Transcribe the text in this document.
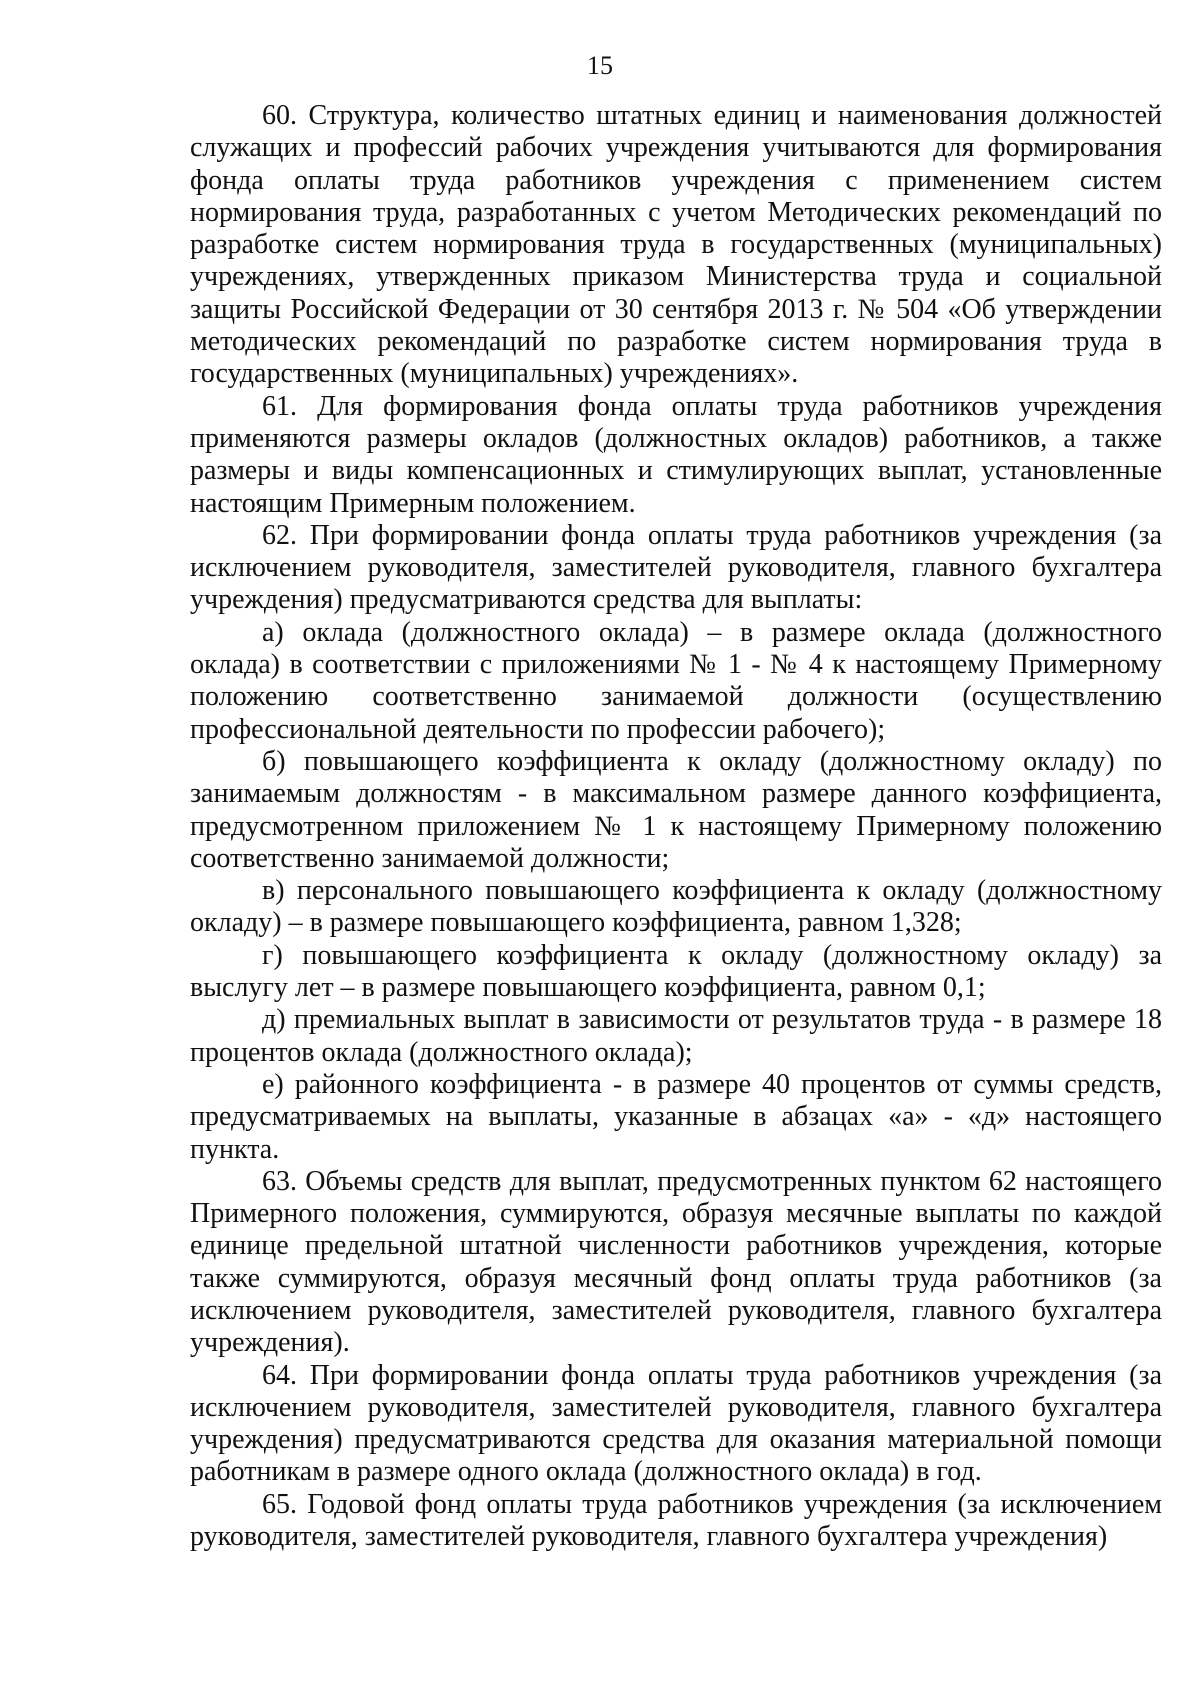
15

60. Структура, количество штатных единиц и наименования должностей служащих и профессий рабочих учреждения учитываются для формирования фонда оплаты труда работников учреждения с применением систем нормирования труда, разработанных с учетом Методических рекомендаций по разработке систем нормирования труда в государственных (муниципальных) учреждениях, утвержденных приказом Министерства труда и социальной защиты Российской Федерации от 30 сентября 2013 г. № 504 «Об утверждении методических рекомендаций по разработке систем нормирования труда в государственных (муниципальных) учреждениях».

61. Для формирования фонда оплаты труда работников учреждения применяются размеры окладов (должностных окладов) работников, а также размеры и виды компенсационных и стимулирующих выплат, установленные настоящим Примерным положением.

62. При формировании фонда оплаты труда работников учреждения (за исключением руководителя, заместителей руководителя, главного бухгалтера учреждения) предусматриваются средства для выплаты:

а) оклада (должностного оклада) – в размере оклада (должностного оклада) в соответствии с приложениями № 1 - № 4 к настоящему Примерному положению соответственно занимаемой должности (осуществлению профессиональной деятельности по профессии рабочего);

б) повышающего коэффициента к окладу (должностному окладу) по занимаемым должностям - в максимальном размере данного коэффициента, предусмотренном приложением № 1 к настоящему Примерному положению соответственно занимаемой должности;

в) персонального повышающего коэффициента к окладу (должностному окладу) – в размере повышающего коэффициента, равном 1,328;

г) повышающего коэффициента к окладу (должностному окладу) за выслугу лет – в размере повышающего коэффициента, равном 0,1;

д) премиальных выплат в зависимости от результатов труда - в размере 18 процентов оклада (должностного оклада);

е) районного коэффициента - в размере 40 процентов от суммы средств, предусматриваемых на выплаты, указанные в абзацах «а» - «д» настоящего пункта.

63. Объемы средств для выплат, предусмотренных пунктом 62 настоящего Примерного положения, суммируются, образуя месячные выплаты по каждой единице предельной штатной численности работников учреждения, которые также суммируются, образуя месячный фонд оплаты труда работников (за исключением руководителя, заместителей руководителя, главного бухгалтера учреждения).

64. При формировании фонда оплаты труда работников учреждения (за исключением руководителя, заместителей руководителя, главного бухгалтера учреждения) предусматриваются средства для оказания материальной помощи работникам в размере одного оклада (должностного оклада) в год.

65. Годовой фонд оплаты труда работников учреждения (за исключением руководителя, заместителей руководителя, главного бухгалтера учреждения)
